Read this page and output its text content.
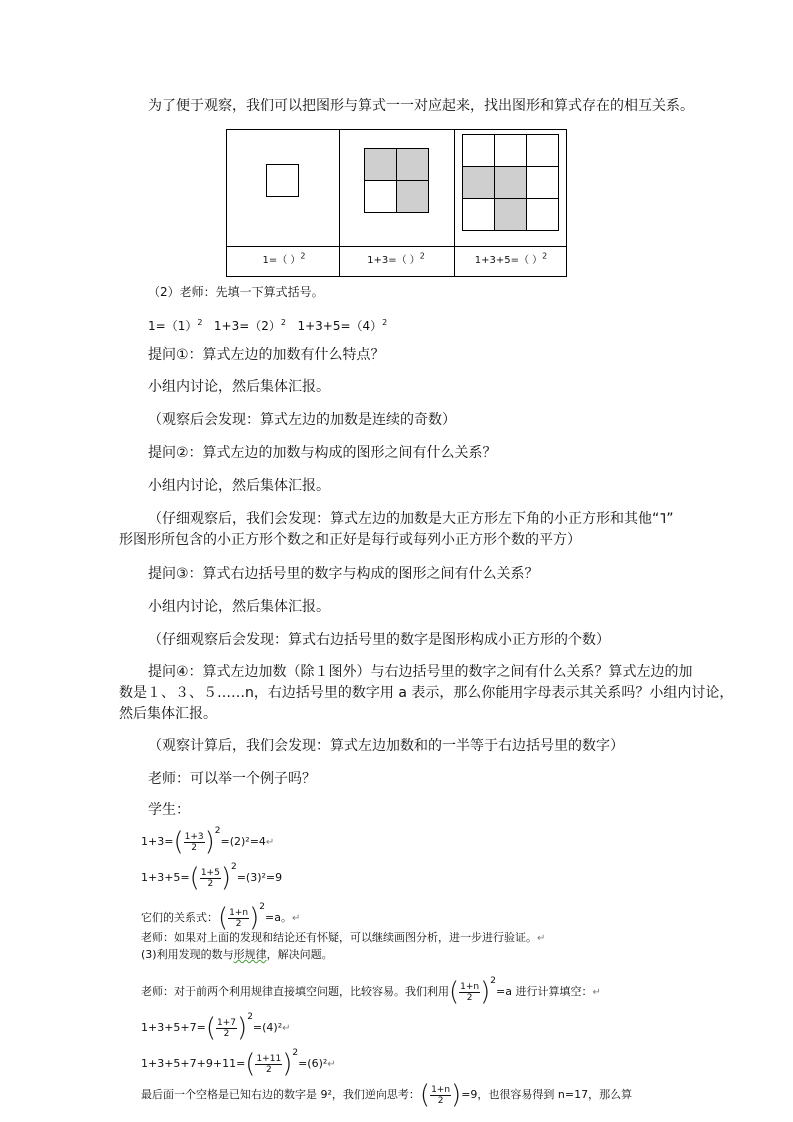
为了便于观察，我们可以把图形与算式一一对应起来，找出图形和算式存在的相互关系。
1=（ ）$^2$	1+3=（ ）$^2$	1+3+5=（ ）$^2$
（2）老师：先填一下算式括号。
$1=(1)^2$ $1+3=(2)^2$ $1+3+5=(4)^2$
提问①：算式左边的加数有什么特点？
小组内讨论，然后集体汇报。
（观察后会发现：算式左边的加数是连续的奇数）
提问②：算式左边的加数与构成的图形之间有什么关系？
小组内讨论，然后集体汇报。
（仔细观察后，我们会发现：算式左边的加数是大正方形左下角的小正方形和其他“˥”
形图形所包含的小正方形个数之和正好是每行或每列小正方形个数的平方）
提问③：算式右边括号里的数字与构成的图形之间有什么关系？
小组内讨论，然后集体汇报。
（仔细观察后会发现：算式右边括号里的数字是图形构成小正方形的个数）
提问④：算式左边加数（除１图外）与右边括号里的数字之间有什么关系？算式左边的加
数是１、３、５……n，右边括号里的数字用 a 表示，那么你能用字母表示其关系吗？小组内讨论，
然后集体汇报。
（观察计算后，我们会发现：算式左边加数和的一半等于右边括号里的数字）
老师：可以举一个例子吗？
学生：
$1+3=( \frac{1+3}{2}$ )$^2=(2)^2=4↵$
$1+3+5=( \frac{1+5}{2} )^2=(3)^2=9$
它们的关系式：( $\frac{1+n}{2} )^2=a$。↵
老师：如果对上面的发现和结论还有怀疑，可以继续画图分析，进一步进行验证。↵
(3)利用发现的数与形规律，解决问题。
老师：对于前两个利用规律直接填空问题，比较容易。我们利用( $\frac{1+n}{2} )^2=a$ 进行计算填空：↵
$1+3+5+7=( \frac{1+7}{2}$ )$^2=(4)^2↵$
$1+3+5+7+9+11=( \frac{1+11}{2}$ )$^2=(6)^2↵$
最后面一个空格是已知右边的数字是 9²，我们逆向思考：( $\frac{1+n}{2} )=9$，也很容易得到 n=17，那么算
